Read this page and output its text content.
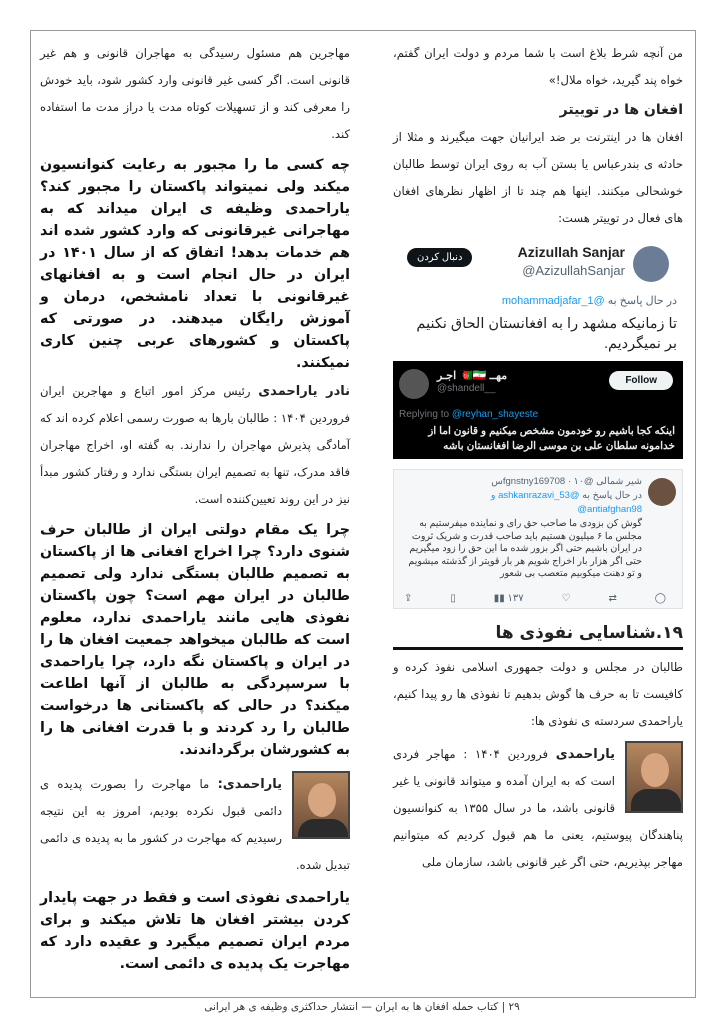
من آنچه شرط بلاغ است با شما مردم و دولت ایران گفتم، خواه پند گیرید، خواه ملال!»

افغان ها در توییتر

افغان ها در اینترنت بر ضد ایرانیان جهت میگیرند و مثلا از حادثه ی بندرعباس یا بستن آب به روی ایران توسط طالبان خوشحالی میکنند. اینها هم چند تا از اظهار نظرهای افغان های فعال در توییتر هست:

Azizullah Sanjar
@AzizullahSanjar
دنبال کردن
در حال پاسخ به @mohammadjafar_1
تا زمانیکه مشهد را به افغانستان الحاق نکنیم بر نمیگردیم.
ﻣﻬــ 🇦🇫🇮🇷 اجـر
@shandell__
Follow
Replying to @reyhan_shayeste
اینکه کجا باشیم رو خودمون مشخص میکنیم و قانون اما از خدامونه سلطان علی بن موسی الرضا افغانستان باشه
شیر شمالی @fgnstny169708 · ۱۰س
در حال پاسخ به @ashkanrazavi_53 و
@antiafghan98
گوش کن بزودی ما صاحب حق رای و نماینده میفرستیم به مجلس ما ۶ میلیون هستیم باید صاحب قدرت و شریک ثروت در ایران باشیم حتی اگر بزور شده ما این حق را زود میگیریم حتی اگر هزار بار اخراج شویم هر بار قویتر از گذشته میشویم و تو دهنت میکوبیم متعصب بی شعور
⇪	▯	▮▮ ۱۳۷	♡	⇄	◯
۱۹.شناسایی نفوذی ها

طالبان در مجلس و دولت جمهوری اسلامی نفوذ کرده و کافیست تا به حرف ها گوش بدهیم تا نفوذی ها رو پیدا کنیم، یاراحمدی سردسته ی نفوذی ها:

یاراحمدی فروردین ۱۴۰۴ : مهاجر فردی است که به ایران آمده و میتواند قانونی یا غیر قانونی باشد، ما در سال ۱۳۵۵ به کنوانسیون پناهندگان پیوستیم، یعنی ما هم قبول کردیم که میتوانیم مهاجر بپذیریم، حتی اگر غیر قانونی باشد، سازمان ملی

مهاجرین هم مسئول رسیدگی به مهاجران قانونی و هم غیر قانونی است. اگر کسی غیر قانونی وارد کشور شود، باید خودش را معرفی کند و از تسهیلات کوتاه مدت یا دراز مدت ما استفاده کند.

چه کسی ما را مجبور به رعایت کنوانسیون میکند ولی نمیتواند پاکستان را مجبور کند؟ یاراحمدی وظیفه ی ایران میداند که به مهاجرانی غیرقانونی که وارد کشور شده اند هم خدمات بدهد! اتفاق که از سال ۱۴۰۱ در ایران در حال انجام است و به افغانهای غیرقانونی با تعداد نامشخص، درمان و آموزش رایگان میدهند. در صورتی که پاکستان و کشورهای عربی چنین کاری نمیکنند.

نادر یاراحمدی رئیس مرکز امور اتباع و مهاجرین ایران فروردین ۱۴۰۴ : طالبان بارها به صورت رسمی اعلام کرده اند که آمادگی پذیرش مهاجران را ندارند. به گفته او، اخراج مهاجران فاقد مدرک، تنها به تصمیم ایران بستگی ندارد و رفتار کشور مبدأ نیز در این روند تعیین‌کننده است.

چرا یک مقام دولتی ایران از طالبان حرف شنوی دارد؟ چرا اخراج افغانی ها از پاکستان به تصمیم طالبان بستگی ندارد ولی تصمیم طالبان در ایران مهم است؟ چون پاکستان نفوذی هایی مانند یاراحمدی ندارد، معلوم است که طالبان میخواهد جمعیت افغان ها را در ایران و پاکستان نگه دارد، چرا یاراحمدی با سرسپردگی به طالبان از آنها اطاعت میکند؟ در حالی که پاکستانی ها درخواست طالبان را رد کردند و با قدرت افغانی ها را به کشورشان برگرداندند.

یاراحمدی: ما مهاجرت را بصورت پدیده ی دائمی قبول نکرده بودیم، امروز به این نتیجه رسیدیم که مهاجرت در کشور ما به پدیده ی دائمی تبدیل شده.

یاراحمدی نفوذی است و فقط در جهت پایدار کردن بیشتر افغان ها تلاش میکند و برای مردم ایران تصمیم میگیرد و عقیده دارد که مهاجرت یک پدیده ی دائمی است.

۲۹ | کتاب حمله افغان ها به ایران — انتشار حداکثری وظیفه ی هر ایرانی
